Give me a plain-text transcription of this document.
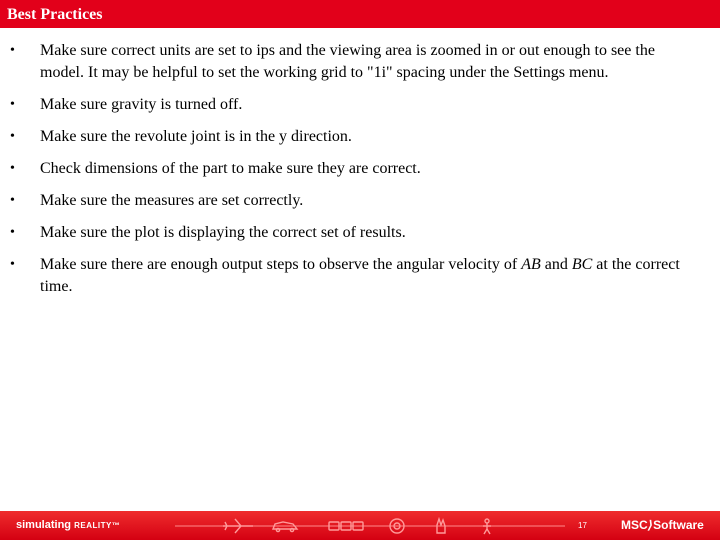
Best Practices
• Make sure correct units are set to ips and the viewing area is zoomed in or out enough to see the model. It may be helpful to set the working grid to "1i" spacing under the Settings menu.
• Make sure gravity is turned off.
• Make sure the revolute joint is in the y direction.
• Check dimensions of the part to make sure they are correct.
• Make sure the measures are set correctly.
• Make sure the plot is displaying the correct set of results.
• Make sure there are enough output steps to observe the angular velocity of AB and BC at the correct time.
simulating REALITY™	17	MSC⟩Software
